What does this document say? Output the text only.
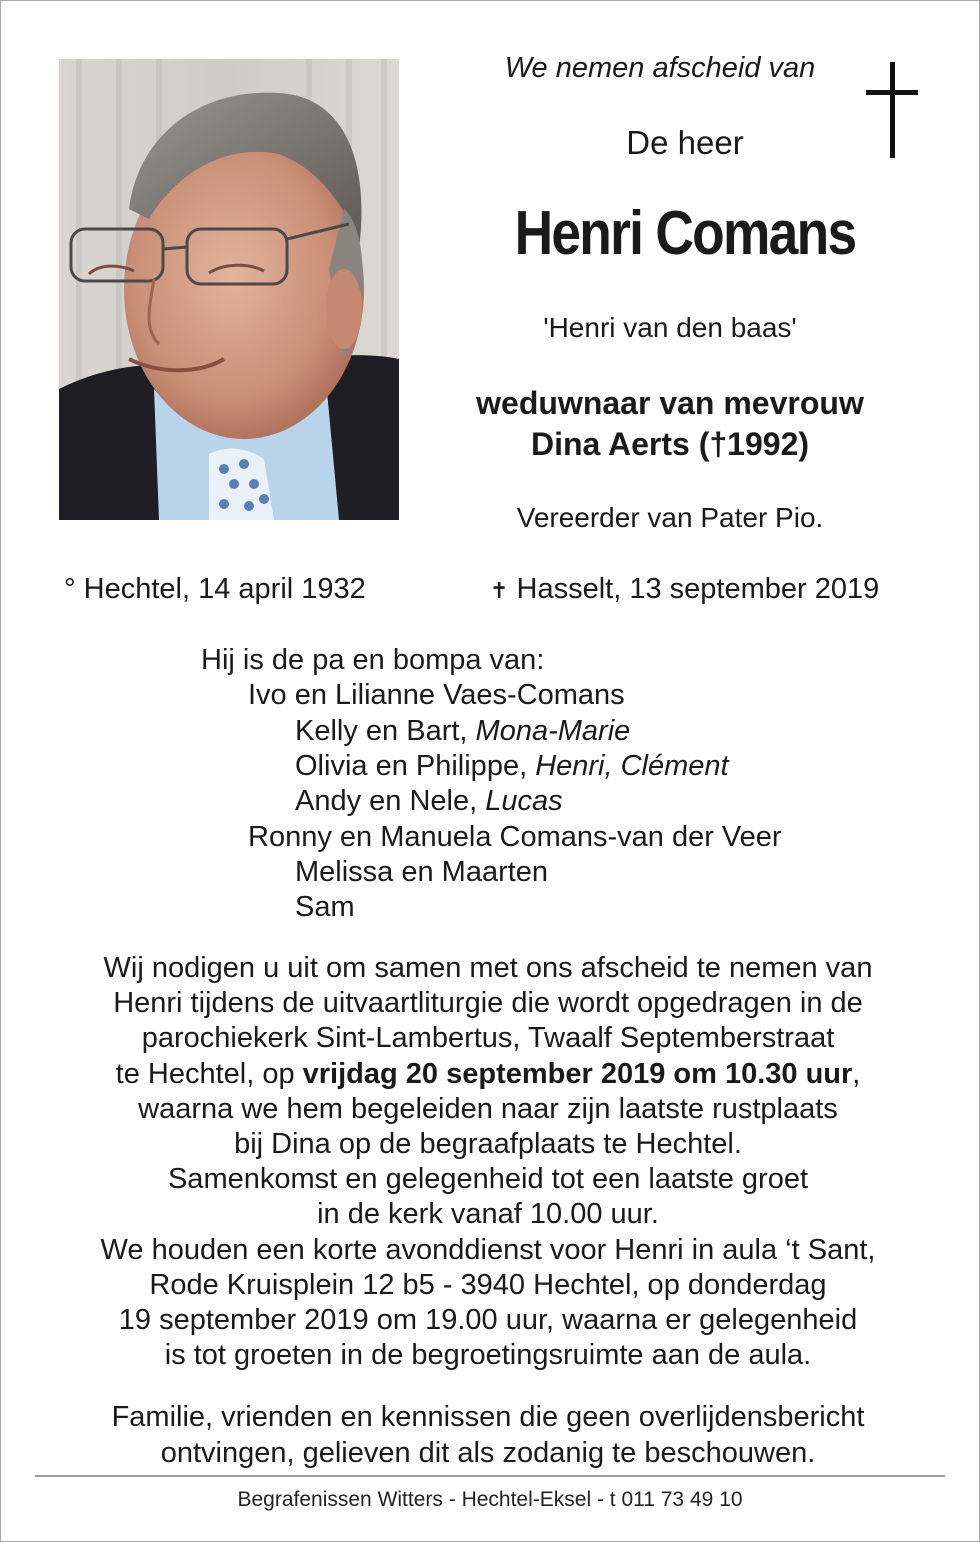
We nemen afscheid van
De heer
Henri Comans
'Henri van den baas'
weduwnaar van mevrouw
Dina Aerts (†1992)
Vereerder van Pater Pio.
° Hechtel, 14 april 1932	✝ Hasselt, 13 september 2019
Hij is de pa en bompa van:
Ivo en Lilianne Vaes-Comans
Kelly en Bart, Mona-Marie
Olivia en Philippe, Henri, Clément
Andy en Nele, Lucas
Ronny en Manuela Comans-van der Veer
Melissa en Maarten
Sam
Wij nodigen u uit om samen met ons afscheid te nemen van
Henri tijdens de uitvaartliturgie die wordt opgedragen in de
parochiekerk Sint-Lambertus, Twaalf Septemberstraat
te Hechtel, op vrijdag 20 september 2019 om 10.30 uur,
waarna we hem begeleiden naar zijn laatste rustplaats
bij Dina op de begraafplaats te Hechtel.
Samenkomst en gelegenheid tot een laatste groet
in de kerk vanaf 10.00 uur.
We houden een korte avonddienst voor Henri in aula ‘t Sant,
Rode Kruisplein 12 b5 - 3940 Hechtel, op donderdag
19 september 2019 om 19.00 uur, waarna er gelegenheid
is tot groeten in de begroetingsruimte aan de aula.
Familie, vrienden en kennissen die geen overlijdensbericht
ontvingen, gelieven dit als zodanig te beschouwen.
Begrafenissen Witters - Hechtel-Eksel - t 011 73 49 10
